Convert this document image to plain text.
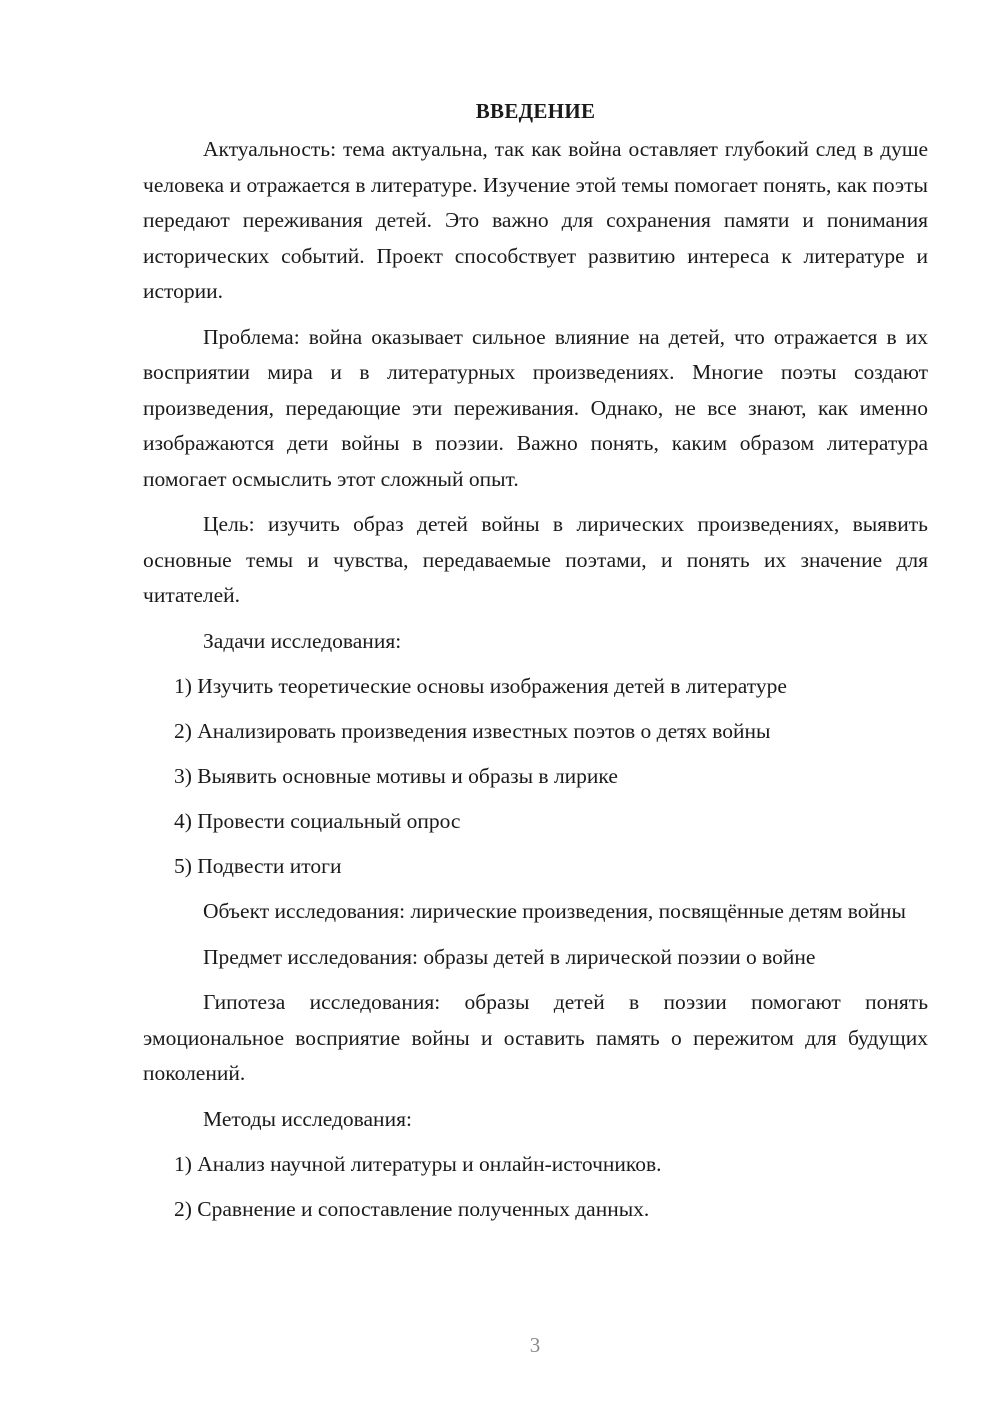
ВВЕДЕНИЕ

Актуальность: тема актуальна, так как война оставляет глубокий след в душе человека и отражается в литературе. Изучение этой темы помогает понять, как поэты передают переживания детей. Это важно для сохранения памяти и понимания исторических событий. Проект способствует развитию интереса к литературе и истории.

Проблема: война оказывает сильное влияние на детей, что отражается в их восприятии мира и в литературных произведениях. Многие поэты создают произведения, передающие эти переживания. Однако, не все знают, как именно изображаются дети войны в поэзии. Важно понять, каким образом литература помогает осмыслить этот сложный опыт.

Цель: изучить образ детей войны в лирических произведениях, выявить основные темы и чувства, передаваемые поэтами, и понять их значение для читателей.

Задачи исследования:
1) Изучить теоретические основы изображения детей в литературе
2) Анализировать произведения известных поэтов о детях войны
3) Выявить основные мотивы и образы в лирике
4) Провести социальный опрос
5) Подвести итоги

Объект исследования: лирические произведения, посвящённые детям войны

Предмет исследования: образы детей в лирической поэзии о войне

Гипотеза исследования: образы детей в поэзии помогают понять эмоциональное восприятие войны и оставить память о пережитом для будущих поколений.

Методы исследования:
1) Анализ научной литературы и онлайн-источников.
2) Сравнение и сопоставление полученных данных.
3
